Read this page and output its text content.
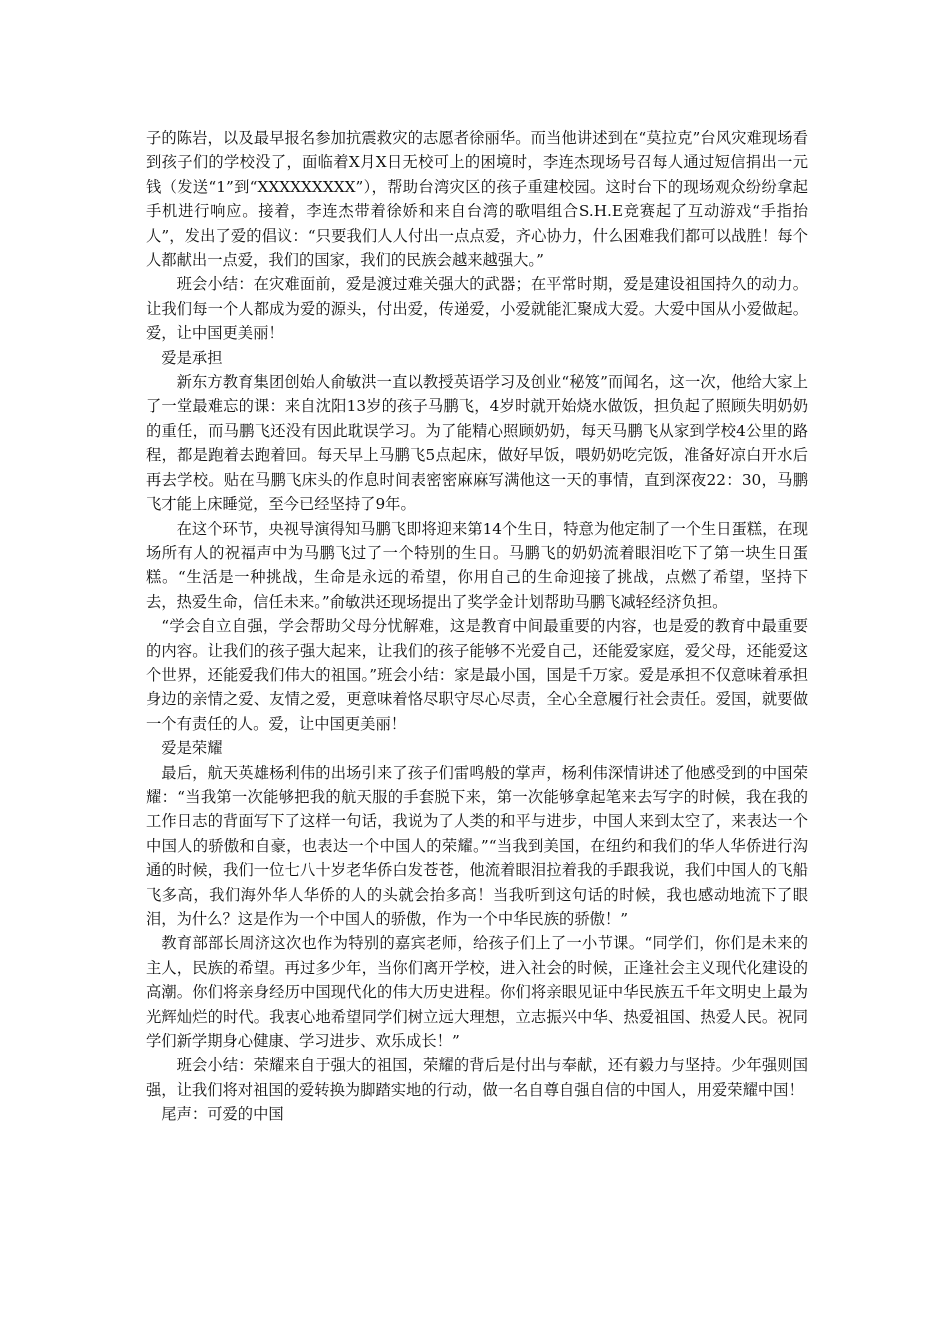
子的陈岩，以及最早报名参加抗震救灾的志愿者徐丽华。而当他讲述到在“莫拉克”台风灾难现场看到孩子们的学校没了，面临着X月X日无校可上的困境时，李连杰现场号召每人通过短信捐出一元钱（发送“1”到“XXXXXXXXX”），帮助台湾灾区的孩子重建校园。这时台下的现场观众纷纷拿起手机进行响应。接着，李连杰带着徐娇和来自台湾的歌唱组合S.H.E竞赛起了互动游戏“手指抬人”，发出了爱的倡议：“只要我们人人付出一点点爱，齐心协力，什么困难我们都可以战胜！每个人都献出一点爱，我们的国家，我们的民族会越来越强大。”

班会小结：在灾难面前，爱是渡过难关强大的武器；在平常时期，爱是建设祖国持久的动力。让我们每一个人都成为爱的源头，付出爱，传递爱，小爱就能汇聚成大爱。大爱中国从小爱做起。爱，让中国更美丽！

爱是承担

新东方教育集团创始人俞敏洪一直以教授英语学习及创业“秘笈”而闻名，这一次，他给大家上了一堂最难忘的课：来自沈阳13岁的孩子马鹏飞，4岁时就开始烧水做饭，担负起了照顾失明奶奶的重任，而马鹏飞还没有因此耽误学习。为了能精心照顾奶奶，每天马鹏飞从家到学校4公里的路程，都是跑着去跑着回。每天早上马鹏飞5点起床，做好早饭，喂奶奶吃完饭，准备好凉白开水后再去学校。贴在马鹏飞床头的作息时间表密密麻麻写满他这一天的事情，直到深夜22：30，马鹏飞才能上床睡觉，至今已经坚持了9年。

在这个环节，央视导演得知马鹏飞即将迎来第14个生日，特意为他定制了一个生日蛋糕，在现场所有人的祝福声中为马鹏飞过了一个特别的生日。马鹏飞的奶奶流着眼泪吃下了第一块生日蛋糕。“生活是一种挑战，生命是永远的希望，你用自己的生命迎接了挑战，点燃了希望，坚持下去，热爱生命，信任未来。”俞敏洪还现场提出了奖学金计划帮助马鹏飞减轻经济负担。

“学会自立自强，学会帮助父母分忧解难，这是教育中间最重要的内容，也是爱的教育中最重要的内容。让我们的孩子强大起来，让我们的孩子能够不光爱自己，还能爱家庭，爱父母，还能爱这个世界，还能爱我们伟大的祖国。”班会小结：家是最小国，国是千万家。爱是承担不仅意味着承担身边的亲情之爱、友情之爱，更意味着恪尽职守尽心尽责，全心全意履行社会责任。爱国，就要做一个有责任的人。爱，让中国更美丽！

爱是荣耀

最后，航天英雄杨利伟的出场引来了孩子们雷鸣般的掌声，杨利伟深情讲述了他感受到的中国荣耀：“当我第一次能够把我的航天服的手套脱下来，第一次能够拿起笔来去写字的时候，我在我的工作日志的背面写下了这样一句话，我说为了人类的和平与进步，中国人来到太空了，来表达一个中国人的骄傲和自豪，也表达一个中国人的荣耀。”“当我到美国，在纽约和我们的华人华侨进行沟通的时候，我们一位七八十岁老华侨白发苍苍，他流着眼泪拉着我的手跟我说，我们中国人的飞船飞多高，我们海外华人华侨的人的头就会抬多高！当我听到这句话的时候，我也感动地流下了眼泪，为什么？这是作为一个中国人的骄傲，作为一个中华民族的骄傲！”

教育部部长周济这次也作为特别的嘉宾老师，给孩子们上了一小节课。“同学们，你们是未来的主人，民族的希望。再过多少年，当你们离开学校，进入社会的时候，正逢社会主义现代化建设的高潮。你们将亲身经历中国现代化的伟大历史进程。你们将亲眼见证中华民族五千年文明史上最为光辉灿烂的时代。我衷心地希望同学们树立远大理想，立志振兴中华、热爱祖国、热爱人民。祝同学们新学期身心健康、学习进步、欢乐成长！”

班会小结：荣耀来自于强大的祖国，荣耀的背后是付出与奉献，还有毅力与坚持。少年强则国强，让我们将对祖国的爱转换为脚踏实地的行动，做一名自尊自强自信的中国人，用爱荣耀中国！

尾声：可爱的中国
